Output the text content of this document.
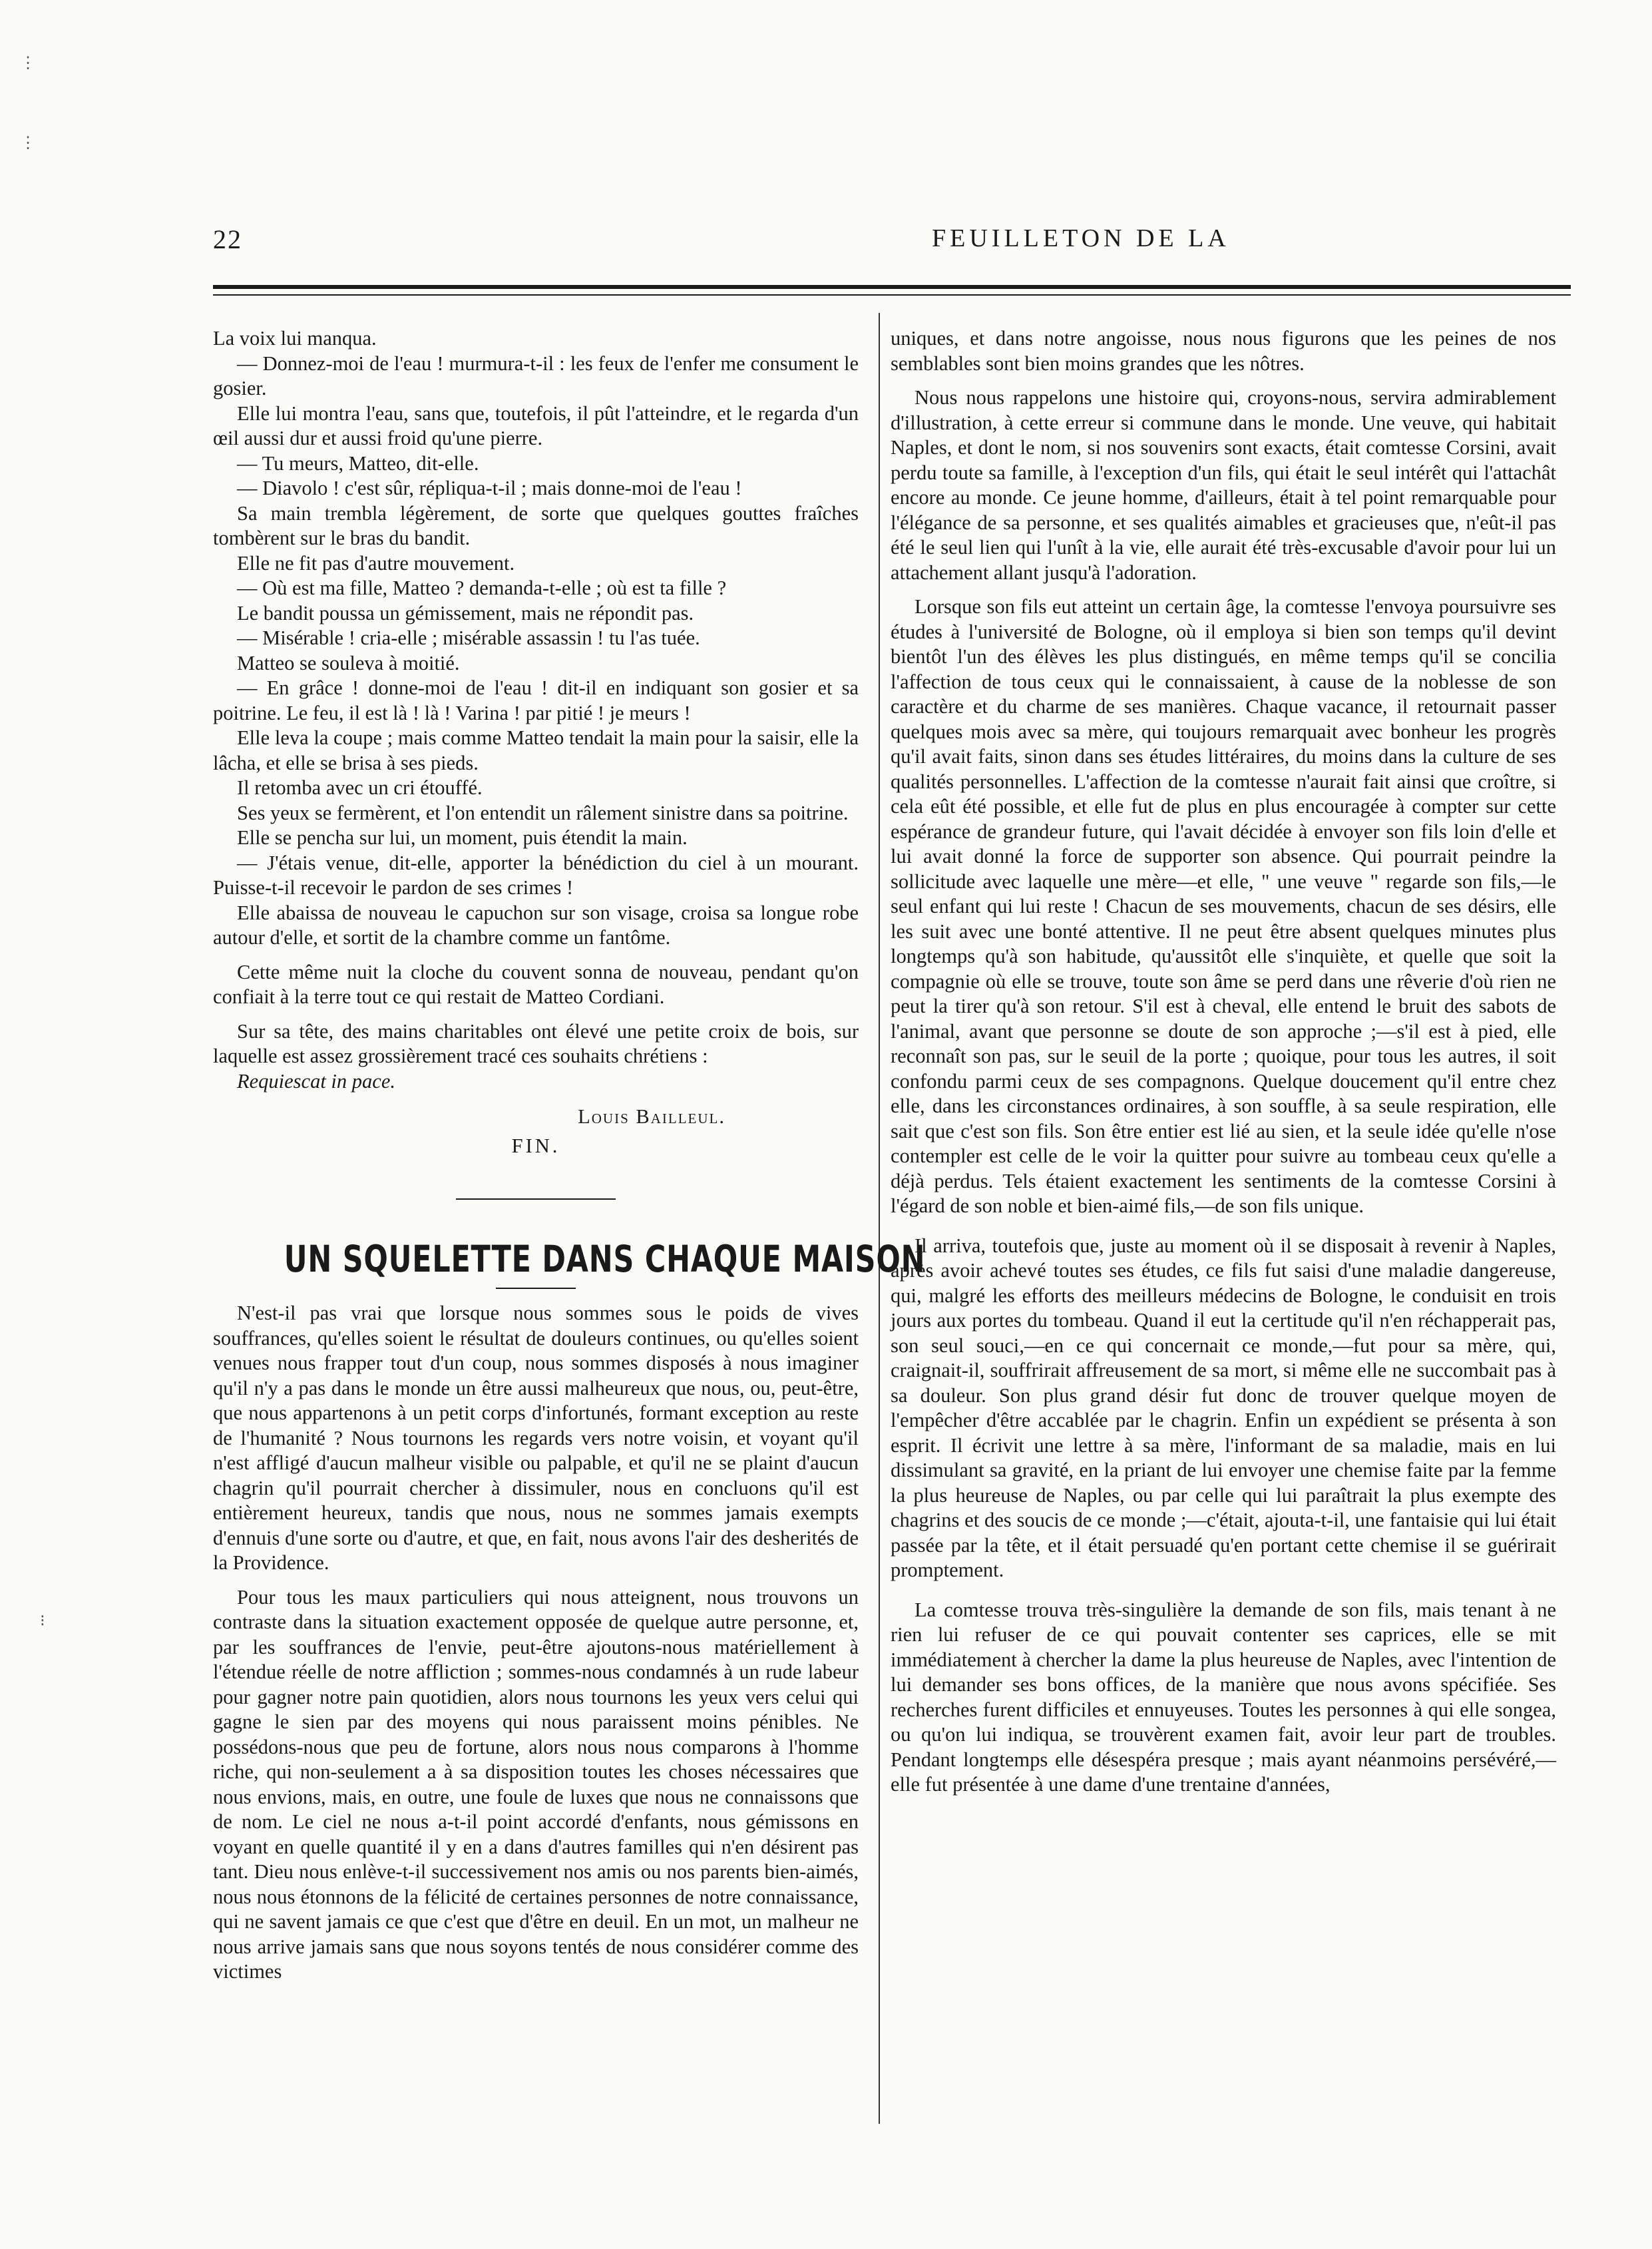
22	FEUILLETON DE LA

La voix lui manqua.

— Donnez-moi de l'eau ! murmura-t-il : les feux de l'enfer me consument le gosier.

Elle lui montra l'eau, sans que, toutefois, il pût l'atteindre, et le regarda d'un œil aussi dur et aussi froid qu'une pierre.

— Tu meurs, Matteo, dit-elle.

— Diavolo ! c'est sûr, répliqua-t-il ; mais donne-moi de l'eau !

Sa main trembla légèrement, de sorte que quelques gouttes fraîches tombèrent sur le bras du bandit.

Elle ne fit pas d'autre mouvement.

— Où est ma fille, Matteo ? demanda-t-elle ; où est ta fille ?

Le bandit poussa un gémissement, mais ne répondit pas.

— Misérable ! cria-elle ; misérable assassin ! tu l'as tuée.

Matteo se souleva à moitié.

— En grâce ! donne-moi de l'eau ! dit-il en indiquant son gosier et sa poitrine. Le feu, il est là ! là ! Varina ! par pitié ! je meurs !

Elle leva la coupe ; mais comme Matteo tendait la main pour la saisir, elle la lâcha, et elle se brisa à ses pieds.

Il retomba avec un cri étouffé.

Ses yeux se fermèrent, et l'on entendit un râlement sinistre dans sa poitrine.

Elle se pencha sur lui, un moment, puis étendit la main.

— J'étais venue, dit-elle, apporter la bénédiction du ciel à un mourant. Puisse-t-il recevoir le pardon de ses crimes !

Elle abaissa de nouveau le capuchon sur son visage, croisa sa longue robe autour d'elle, et sortit de la chambre comme un fantôme.

Cette même nuit la cloche du couvent sonna de nouveau, pendant qu'on confiait à la terre tout ce qui restait de Matteo Cordiani.

Sur sa tête, des mains charitables ont élevé une petite croix de bois, sur laquelle est assez grossièrement tracé ces souhaits chrétiens :

Requiescat in pace.

Louis Bailleul.
FIN.
UN SQUELETTE DANS CHAQUE MAISON

N'est-il pas vrai que lorsque nous sommes sous le poids de vives souffrances, qu'elles soient le résultat de douleurs continues, ou qu'elles soient venues nous frapper tout d'un coup, nous sommes disposés à nous imaginer qu'il n'y a pas dans le monde un être aussi malheureux que nous, ou, peut-être, que nous appartenons à un petit corps d'infortunés, formant exception au reste de l'humanité ? Nous tournons les regards vers notre voisin, et voyant qu'il n'est affligé d'aucun malheur visible ou palpable, et qu'il ne se plaint d'aucun chagrin qu'il pourrait chercher à dissimuler, nous en concluons qu'il est entièrement heureux, tandis que nous, nous ne sommes jamais exempts d'ennuis d'une sorte ou d'autre, et que, en fait, nous avons l'air des desherités de la Providence.

Pour tous les maux particuliers qui nous atteignent, nous trouvons un contraste dans la situation exactement opposée de quelque autre personne, et, par les souffrances de l'envie, peut-être ajoutons-nous matériellement à l'étendue réelle de notre affliction ; sommes-nous condamnés à un rude labeur pour gagner notre pain quotidien, alors nous tournons les yeux vers celui qui gagne le sien par des moyens qui nous paraissent moins pénibles. Ne possédons-nous que peu de fortune, alors nous nous comparons à l'homme riche, qui non-seulement a à sa disposition toutes les choses nécessaires que nous envions, mais, en outre, une foule de luxes que nous ne connaissons que de nom. Le ciel ne nous a-t-il point accordé d'enfants, nous gémissons en voyant en quelle quantité il y en a dans d'autres familles qui n'en désirent pas tant. Dieu nous enlève-t-il successivement nos amis ou nos parents bien-aimés, nous nous étonnons de la félicité de certaines personnes de notre connaissance, qui ne savent jamais ce que c'est que d'être en deuil. En un mot, un malheur ne nous arrive jamais sans que nous soyons tentés de nous considérer comme des victimes

uniques, et dans notre angoisse, nous nous figurons que les peines de nos semblables sont bien moins grandes que les nôtres.

Nous nous rappelons une histoire qui, croyons-nous, servira admirablement d'illustration, à cette erreur si commune dans le monde. Une veuve, qui habitait Naples, et dont le nom, si nos souvenirs sont exacts, était comtesse Corsini, avait perdu toute sa famille, à l'exception d'un fils, qui était le seul intérêt qui l'attachât encore au monde. Ce jeune homme, d'ailleurs, était à tel point remarquable pour l'élégance de sa personne, et ses qualités aimables et gracieuses que, n'eût-il pas été le seul lien qui l'unît à la vie, elle aurait été très-excusable d'avoir pour lui un attachement allant jusqu'à l'adoration.

Lorsque son fils eut atteint un certain âge, la comtesse l'envoya poursuivre ses études à l'université de Bologne, où il employa si bien son temps qu'il devint bientôt l'un des élèves les plus distingués, en même temps qu'il se concilia l'affection de tous ceux qui le connaissaient, à cause de la noblesse de son caractère et du charme de ses manières. Chaque vacance, il retournait passer quelques mois avec sa mère, qui toujours remarquait avec bonheur les progrès qu'il avait faits, sinon dans ses études littéraires, du moins dans la culture de ses qualités personnelles. L'affection de la comtesse n'aurait fait ainsi que croître, si cela eût été possible, et elle fut de plus en plus encouragée à compter sur cette espérance de grandeur future, qui l'avait décidée à envoyer son fils loin d'elle et lui avait donné la force de supporter son absence. Qui pourrait peindre la sollicitude avec laquelle une mère—et elle, " une veuve " regarde son fils,—le seul enfant qui lui reste ! Chacun de ses mouvements, chacun de ses désirs, elle les suit avec une bonté attentive. Il ne peut être absent quelques minutes plus longtemps qu'à son habitude, qu'aussitôt elle s'inquiète, et quelle que soit la compagnie où elle se trouve, toute son âme se perd dans une rêverie d'où rien ne peut la tirer qu'à son retour. S'il est à cheval, elle entend le bruit des sabots de l'animal, avant que personne se doute de son approche ;—s'il est à pied, elle reconnaît son pas, sur le seuil de la porte ; quoique, pour tous les autres, il soit confondu parmi ceux de ses compagnons. Quelque doucement qu'il entre chez elle, dans les circonstances ordinaires, à son souffle, à sa seule respiration, elle sait que c'est son fils. Son être entier est lié au sien, et la seule idée qu'elle n'ose contempler est celle de le voir la quitter pour suivre au tombeau ceux qu'elle a déjà perdus. Tels étaient exactement les sentiments de la comtesse Corsini à l'égard de son noble et bien-aimé fils,—de son fils unique.

Il arriva, toutefois que, juste au moment où il se disposait à revenir à Naples, après avoir achevé toutes ses études, ce fils fut saisi d'une maladie dangereuse, qui, malgré les efforts des meilleurs médecins de Bologne, le conduisit en trois jours aux portes du tombeau. Quand il eut la certitude qu'il n'en réchapperait pas, son seul souci,—en ce qui concernait ce monde,—fut pour sa mère, qui, craignait-il, souffrirait affreusement de sa mort, si même elle ne succombait pas à sa douleur. Son plus grand désir fut donc de trouver quelque moyen de l'empêcher d'être accablée par le chagrin. Enfin un expédient se présenta à son esprit. Il écrivit une lettre à sa mère, l'informant de sa maladie, mais en lui dissimulant sa gravité, en la priant de lui envoyer une chemise faite par la femme la plus heureuse de Naples, ou par celle qui lui paraîtrait la plus exempte des chagrins et des soucis de ce monde ;—c'était, ajouta-t-il, une fantaisie qui lui était passée par la tête, et il était persuadé qu'en portant cette chemise il se guérirait promptement.

La comtesse trouva très-singulière la demande de son fils, mais tenant à ne rien lui refuser de ce qui pouvait contenter ses caprices, elle se mit immédiatement à chercher la dame la plus heureuse de Naples, avec l'intention de lui demander ses bons offices, de la manière que nous avons spécifiée. Ses recherches furent difficiles et ennuyeuses. Toutes les personnes à qui elle songea, ou qu'on lui indiqua, se trouvèrent examen fait, avoir leur part de troubles. Pendant longtemps elle désespéra presque ; mais ayant néanmoins persévéré,—elle fut présentée à une dame d'une trentaine d'années,

⋮
⋮
⁝
